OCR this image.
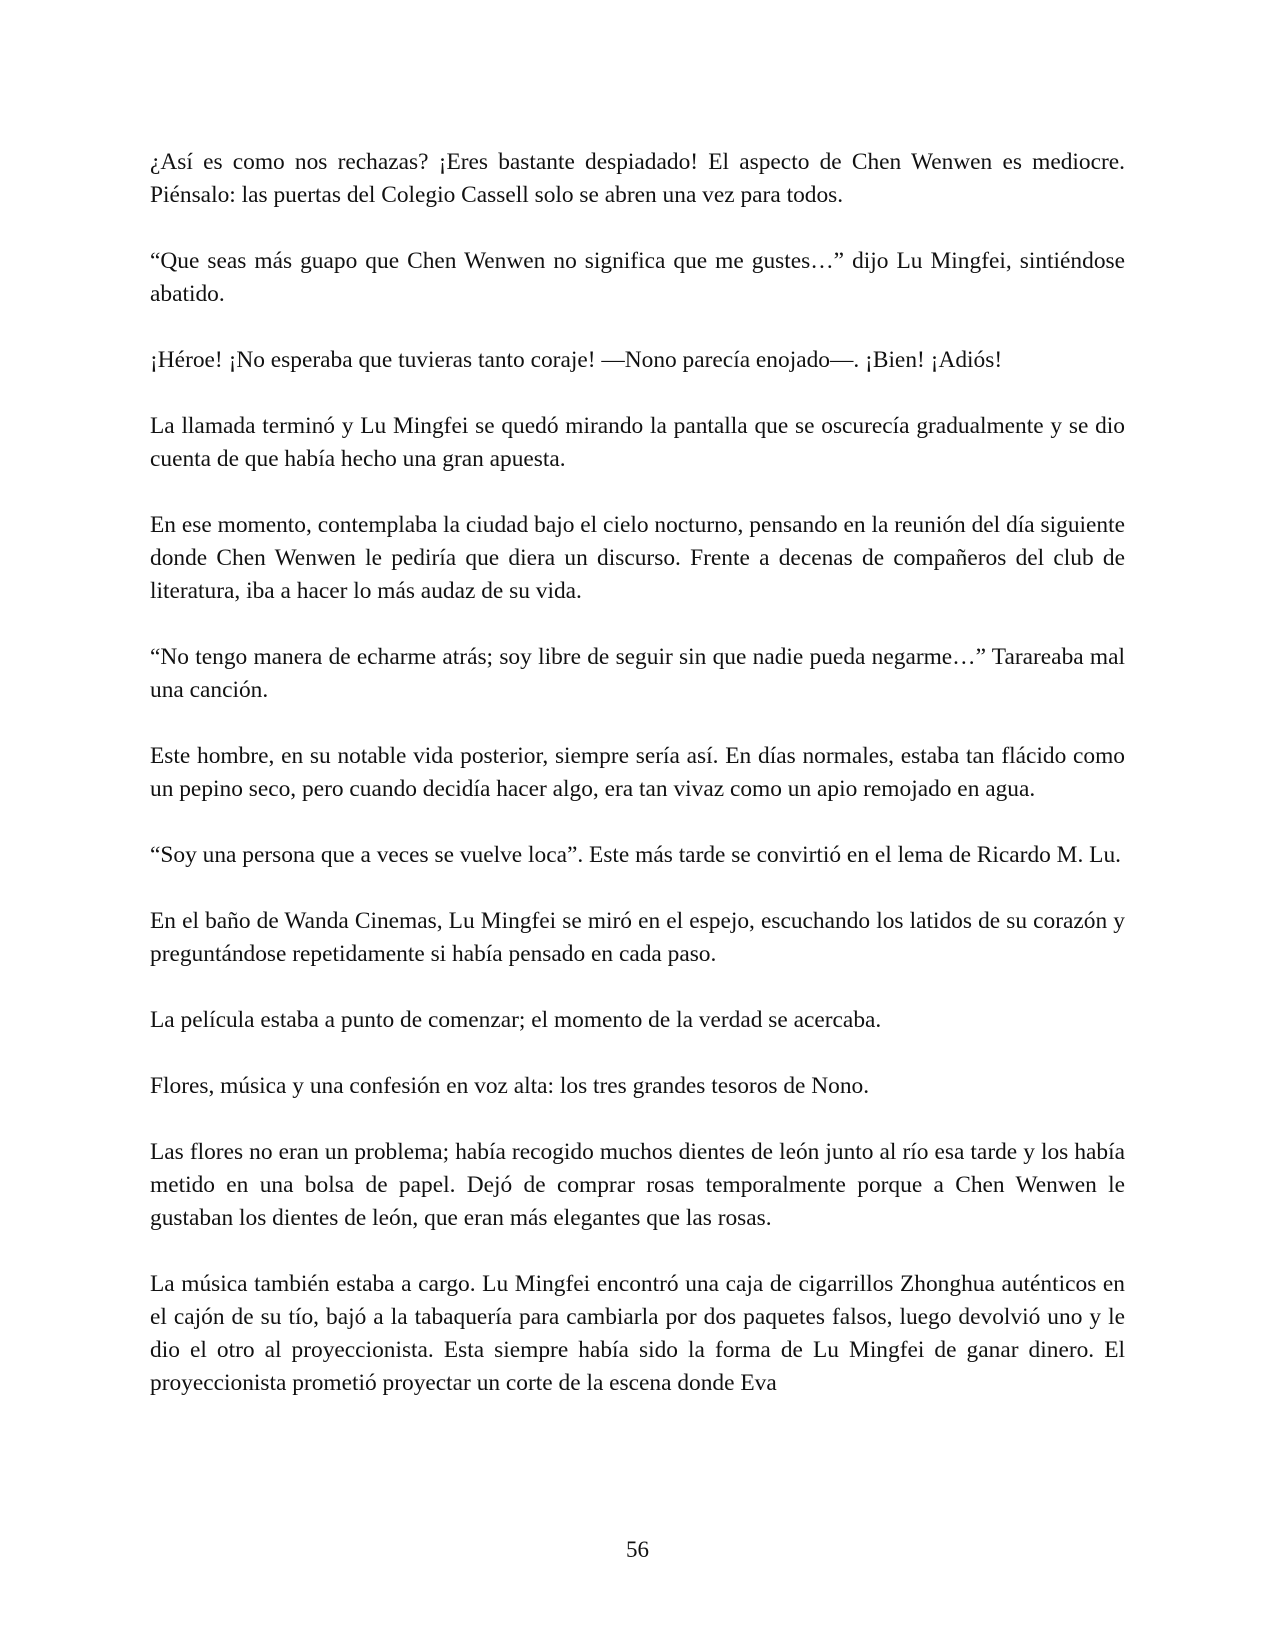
¿Así es como nos rechazas? ¡Eres bastante despiadado! El aspecto de Chen Wenwen es mediocre. Piénsalo: las puertas del Colegio Cassell solo se abren una vez para todos.

“Que seas más guapo que Chen Wenwen no significa que me gustes…” dijo Lu Mingfei, sintiéndose abatido.

¡Héroe! ¡No esperaba que tuvieras tanto coraje! —Nono parecía enojado—. ¡Bien! ¡Adiós!

La llamada terminó y Lu Mingfei se quedó mirando la pantalla que se oscurecía gradualmente y se dio cuenta de que había hecho una gran apuesta.

En ese momento, contemplaba la ciudad bajo el cielo nocturno, pensando en la reunión del día siguiente donde Chen Wenwen le pediría que diera un discurso. Frente a decenas de compañeros del club de literatura, iba a hacer lo más audaz de su vida.

“No tengo manera de echarme atrás; soy libre de seguir sin que nadie pueda negarme…” Tarareaba mal una canción.

Este hombre, en su notable vida posterior, siempre sería así. En días normales, estaba tan flácido como un pepino seco, pero cuando decidía hacer algo, era tan vivaz como un apio remojado en agua.

“Soy una persona que a veces se vuelve loca”. Este más tarde se convirtió en el lema de Ricardo M. Lu.

En el baño de Wanda Cinemas, Lu Mingfei se miró en el espejo, escuchando los latidos de su corazón y preguntándose repetidamente si había pensado en cada paso.

La película estaba a punto de comenzar; el momento de la verdad se acercaba.

Flores, música y una confesión en voz alta: los tres grandes tesoros de Nono.

Las flores no eran un problema; había recogido muchos dientes de león junto al río esa tarde y los había metido en una bolsa de papel. Dejó de comprar rosas temporalmente porque a Chen Wenwen le gustaban los dientes de león, que eran más elegantes que las rosas.

La música también estaba a cargo. Lu Mingfei encontró una caja de cigarrillos Zhonghua auténticos en el cajón de su tío, bajó a la tabaquería para cambiarla por dos paquetes falsos, luego devolvió uno y le dio el otro al proyeccionista. Esta siempre había sido la forma de Lu Mingfei de ganar dinero. El proyeccionista prometió proyectar un corte de la escena donde Eva

56
